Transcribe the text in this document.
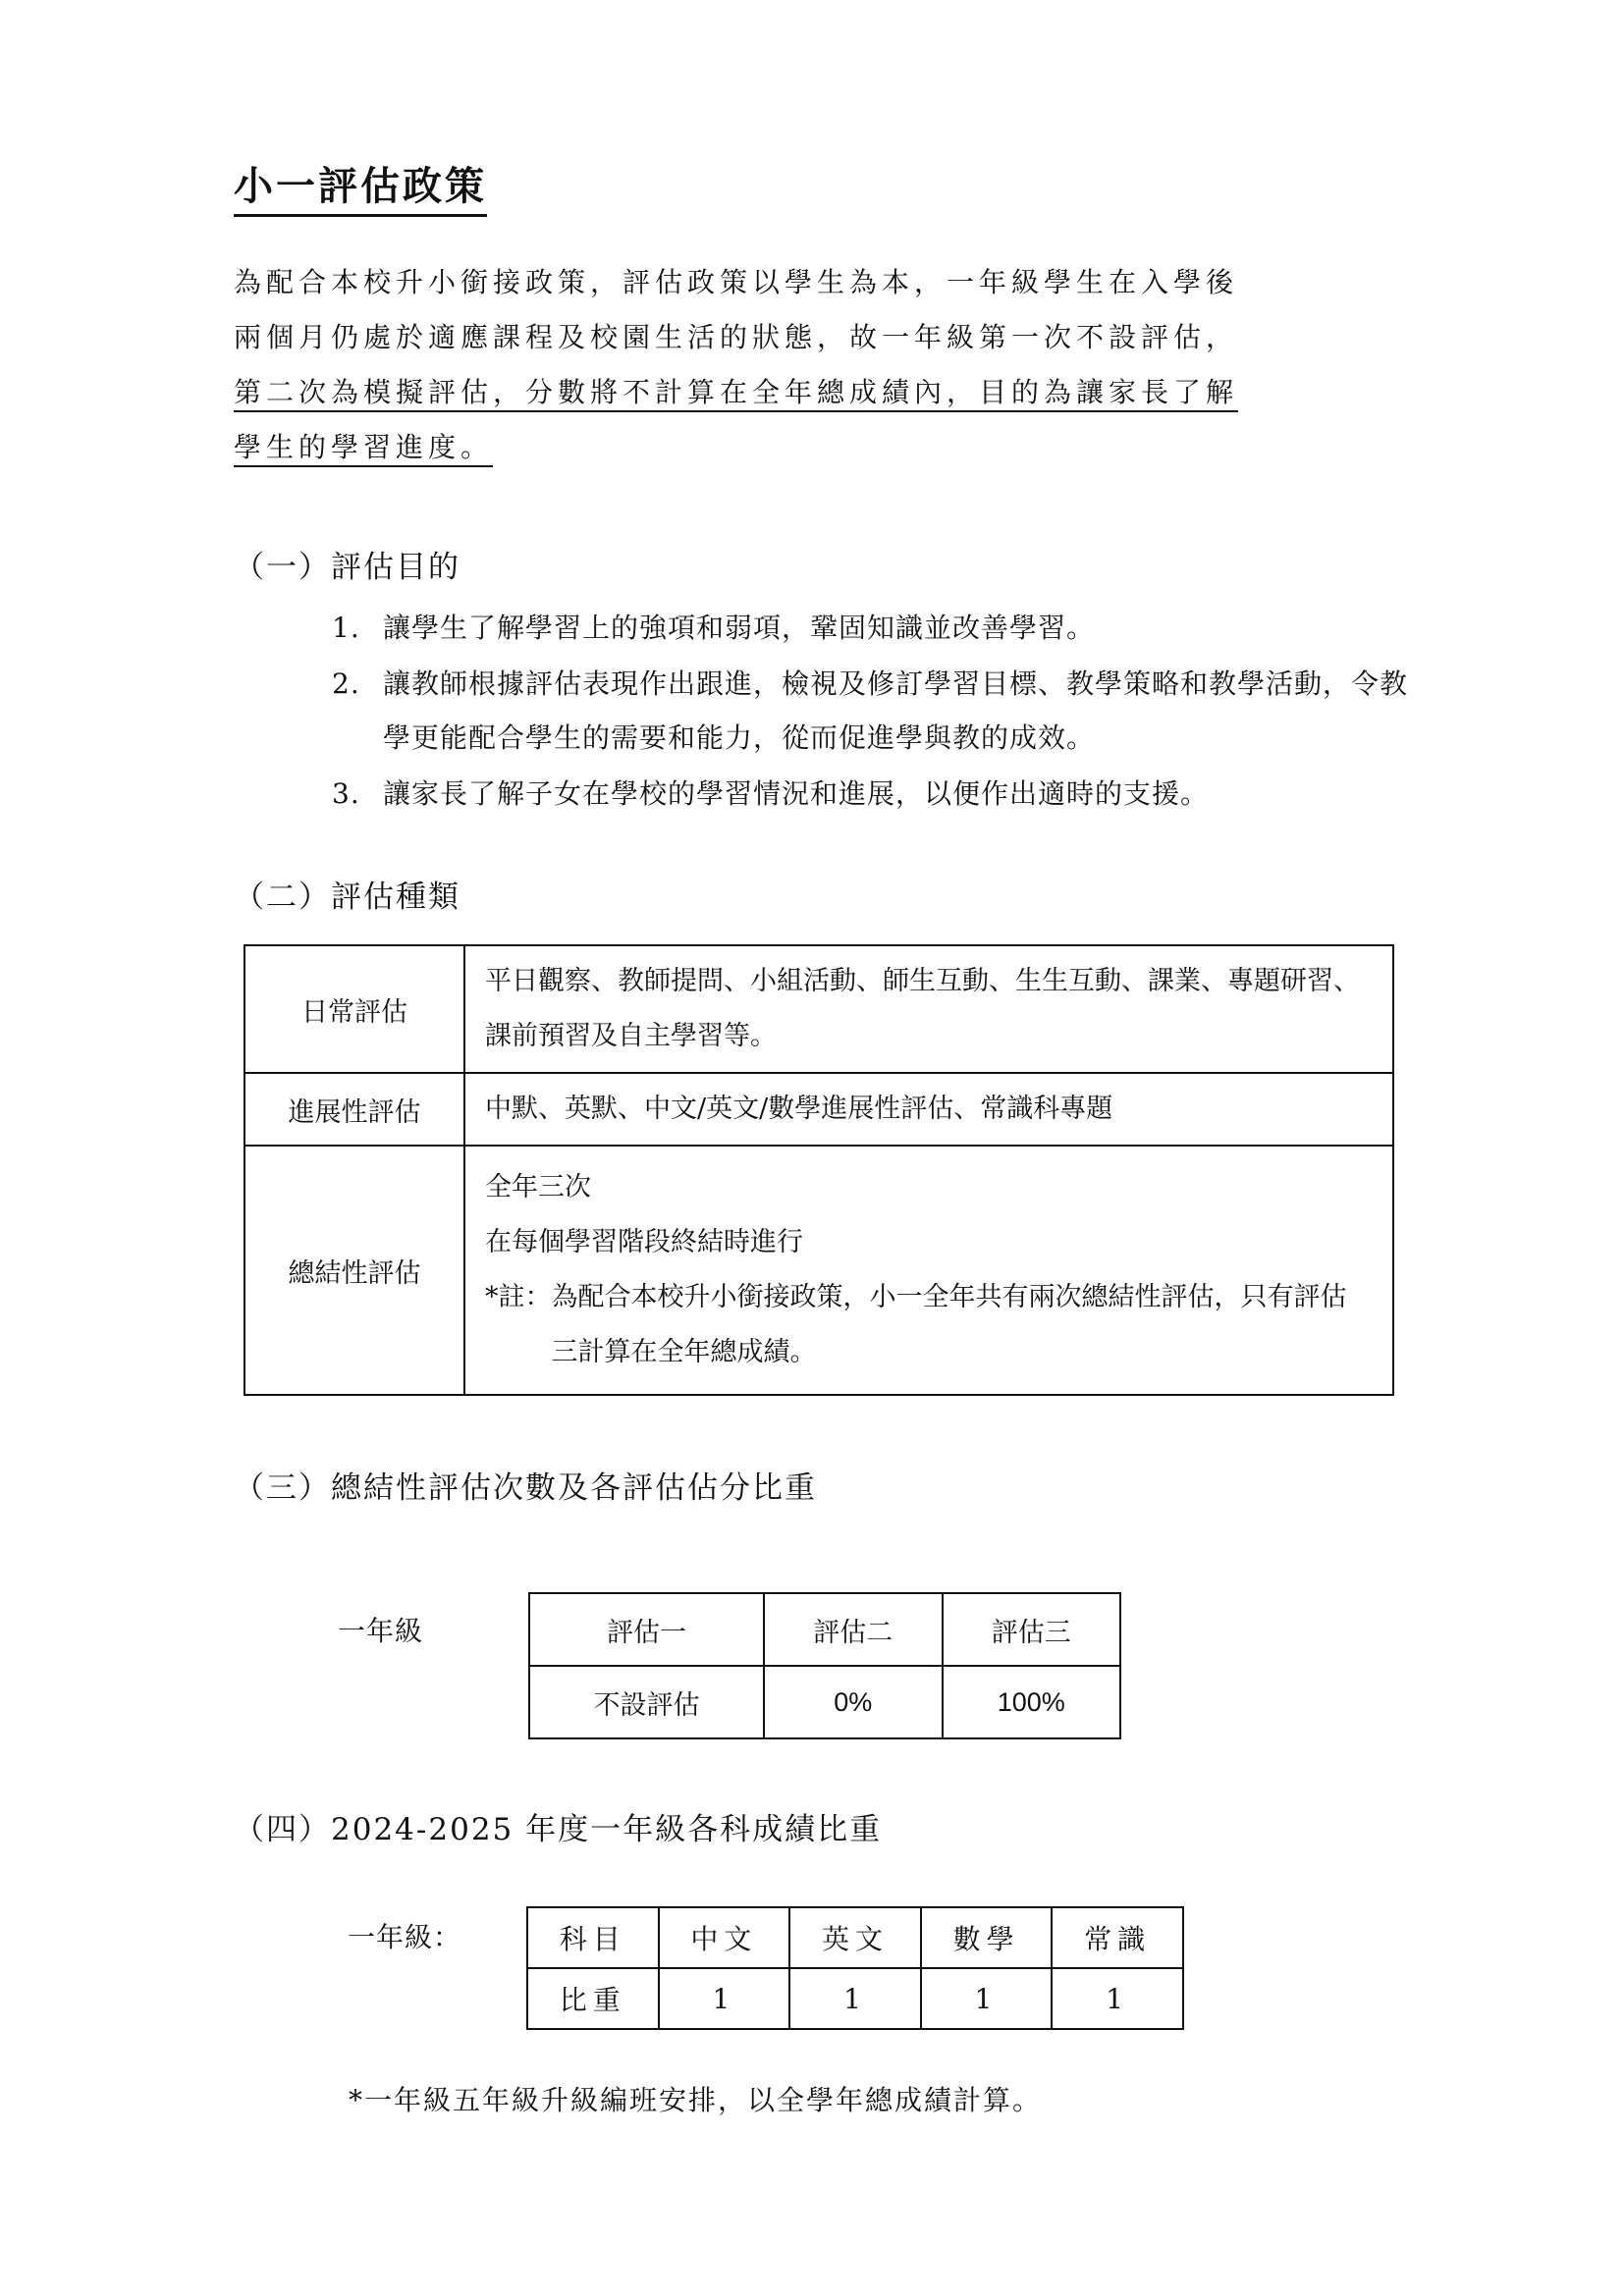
小一評估政策
為配合本校升小銜接政策，評估政策以學生為本，一年級學生在入學後
兩個月仍處於適應課程及校園生活的狀態，故一年級第一次不設評估，
第二次為模擬評估，分數將不計算在全年總成績內，目的為讓家長了解
學生的學習進度。
（一）評估目的
1. 讓學生了解學習上的強項和弱項，鞏固知識並改善學習。
2. 讓教師根據評估表現作出跟進，檢視及修訂學習目標、教學策略和教學活動，令教學更能配合學生的需要和能力，從而促進學與教的成效。
3. 讓家長了解子女在學校的學習情況和進展，以便作出適時的支援。
（二）評估種類
日常評估	平日觀察、教師提問、小組活動、師生互動、生生互動、課業、專題研習、課前預習及自主學習等。
進展性評估	中默、英默、中文/英文/數學進展性評估、常識科專題
總結性評估	全年三次
在每個學習階段終結時進行
*註： 為配合本校升小銜接政策，小一全年共有兩次總結性評估，只有評估三計算在全年總成績。
（三）總結性評估次數及各評估佔分比重
一年級	評估一	評估二	評估三
不設評估	0%	100%
（四）2024-2025 年度一年級各科成績比重
一年級：	科目	中文	英文	數學	常識
比重	1	1	1	1
*一年級五年級升級編班安排，以全學年總成績計算。
